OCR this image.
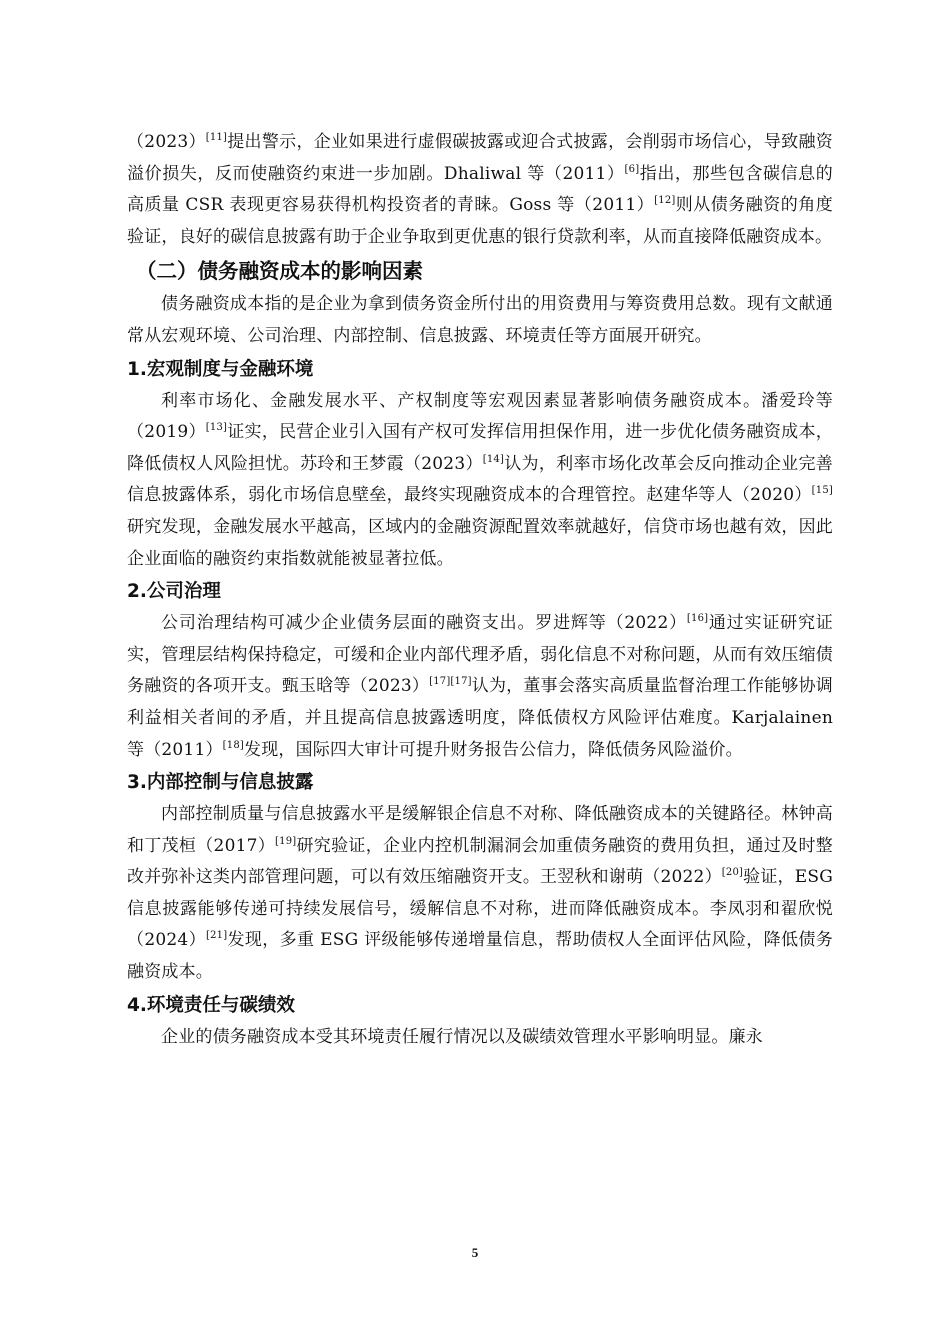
（2023）[11]提出警示，企业如果进行虚假碳披露或迎合式披露，会削弱市场信心，导致融资溢价损失，反而使融资约束进一步加剧。Dhaliwal 等（2011）[6]指出，那些包含碳信息的高质量 CSR 表现更容易获得机构投资者的青睐。Goss 等（2011）[12]则从债务融资的角度验证，良好的碳信息披露有助于企业争取到更优惠的银行贷款利率，从而直接降低融资成本。

（二）债务融资成本的影响因素

债务融资成本指的是企业为拿到债务资金所付出的用资费用与筹资费用总数。现有文献通常从宏观环境、公司治理、内部控制、信息披露、环境责任等方面展开研究。

1.宏观制度与金融环境

利率市场化、金融发展水平、产权制度等宏观因素显著影响债务融资成本。潘爱玲等（2019）[13]证实，民营企业引入国有产权可发挥信用担保作用，进一步优化债务融资成本，降低债权人风险担忧。苏玲和王梦霞（2023）[14]认为，利率市场化改革会反向推动企业完善信息披露体系，弱化市场信息壁垒，最终实现融资成本的合理管控。赵建华等人（2020）[15]研究发现，金融发展水平越高，区域内的金融资源配置效率就越好，信贷市场也越有效，因此企业面临的融资约束指数就能被显著拉低。

2.公司治理

公司治理结构可减少企业债务层面的融资支出。罗进辉等（2022）[16]通过实证研究证实，管理层结构保持稳定，可缓和企业内部代理矛盾，弱化信息不对称问题，从而有效压缩债务融资的各项开支。甄玉晗等（2023）[17][17]认为，董事会落实高质量监督治理工作能够协调利益相关者间的矛盾，并且提高信息披露透明度，降低债权方风险评估难度。Karjalainen 等（2011）[18]发现，国际四大审计可提升财务报告公信力，降低债务风险溢价。

3.内部控制与信息披露

内部控制质量与信息披露水平是缓解银企信息不对称、降低融资成本的关键路径。林钟高和丁茂桓（2017）[19]研究验证，企业内控机制漏洞会加重债务融资的费用负担，通过及时整改并弥补这类内部管理问题，可以有效压缩融资开支。王翌秋和谢萌（2022）[20]验证，ESG 信息披露能够传递可持续发展信号，缓解信息不对称，进而降低融资成本。李凤羽和翟欣悦（2024）[21]发现，多重 ESG 评级能够传递增量信息，帮助债权人全面评估风险，降低债务融资成本。

4.环境责任与碳绩效

企业的债务融资成本受其环境责任履行情况以及碳绩效管理水平影响明显。廉永

5
